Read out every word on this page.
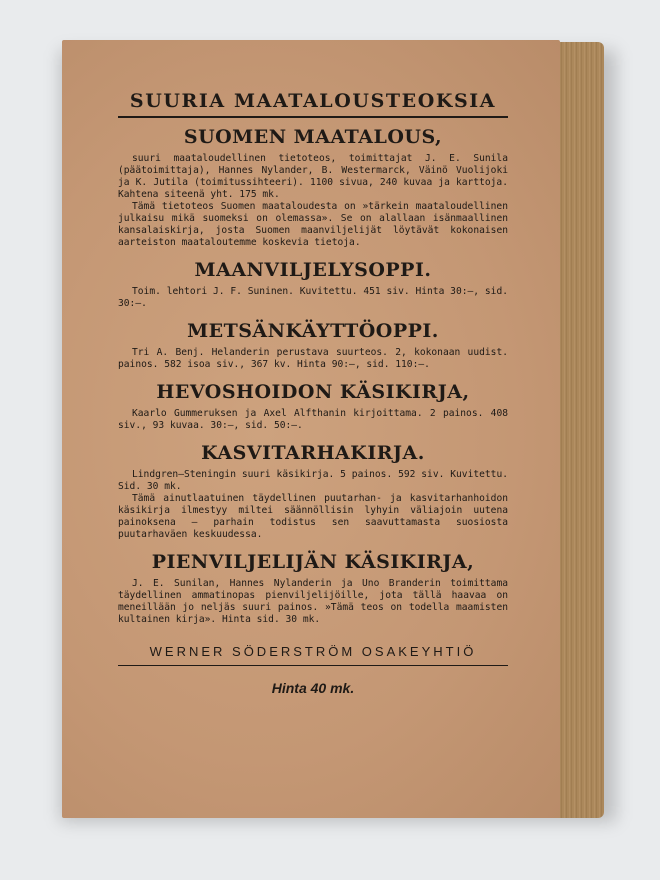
SUURIA MAATALOUSTEOKSIA
SUOMEN MAATALOUS,

suuri maataloudellinen tietoteos, toimittajat J. E. Sunila (päätoimittaja), Hannes Nylander, B. Westermarck, Väinö Vuolijoki ja K. Jutila (toimitussihteeri). 1100 sivua, 240 kuvaa ja karttoja. Kahtena siteenä yht. 175 mk.

Tämä tietoteos Suomen maataloudesta on »tärkein maataloudellinen julkaisu mikä suomeksi on olemassa». Se on alallaan isänmaallinen kansalaiskirja, josta Suomen maanviljelijät löytävät kokonaisen aarteiston maataloutemme koskevia tietoja.

MAANVILJELYSOPPI.

Toim. lehtori J. F. Suninen. Kuvitettu. 451 siv. Hinta 30:—, sid. 30:—.

METSÄNKÄYTTÖOPPI.

Tri A. Benj. Helanderin perustava suurteos. 2, kokonaan uudist. painos. 582 isoa siv., 367 kv. Hinta 90:—, sid. 110:—.

HEVOSHOIDON KÄSIKIRJA,

Kaarlo Gummeruksen ja Axel Alfthanin kirjoittama. 2 painos. 408 siv., 93 kuvaa. 30:—, sid. 50:—.

KASVITARHAKIRJA.

Lindgren—Steningin suuri käsikirja. 5 painos. 592 siv. Kuvitettu. Sid. 30 mk.

Tämä ainutlaatuinen täydellinen puutarhan- ja kasvitarhanhoidon käsikirja ilmestyy miltei säännöllisin lyhyin väliajoin uutena painoksena — parhain todistus sen saavuttamasta suosiosta puutarhaväen keskuudessa.

PIENVILJELIJÄN KÄSIKIRJA,

J. E. Sunilan, Hannes Nylanderin ja Uno Branderin toimittama täydellinen ammatinopas pienviljelijöille, jota tällä haavaa on meneillään jo neljäs suuri painos. »Tämä teos on todella maamisten kultainen kirja». Hinta sid. 30 mk.

WERNER SÖDERSTRÖM OSAKEYHTIÖ
Hinta 40 mk.
